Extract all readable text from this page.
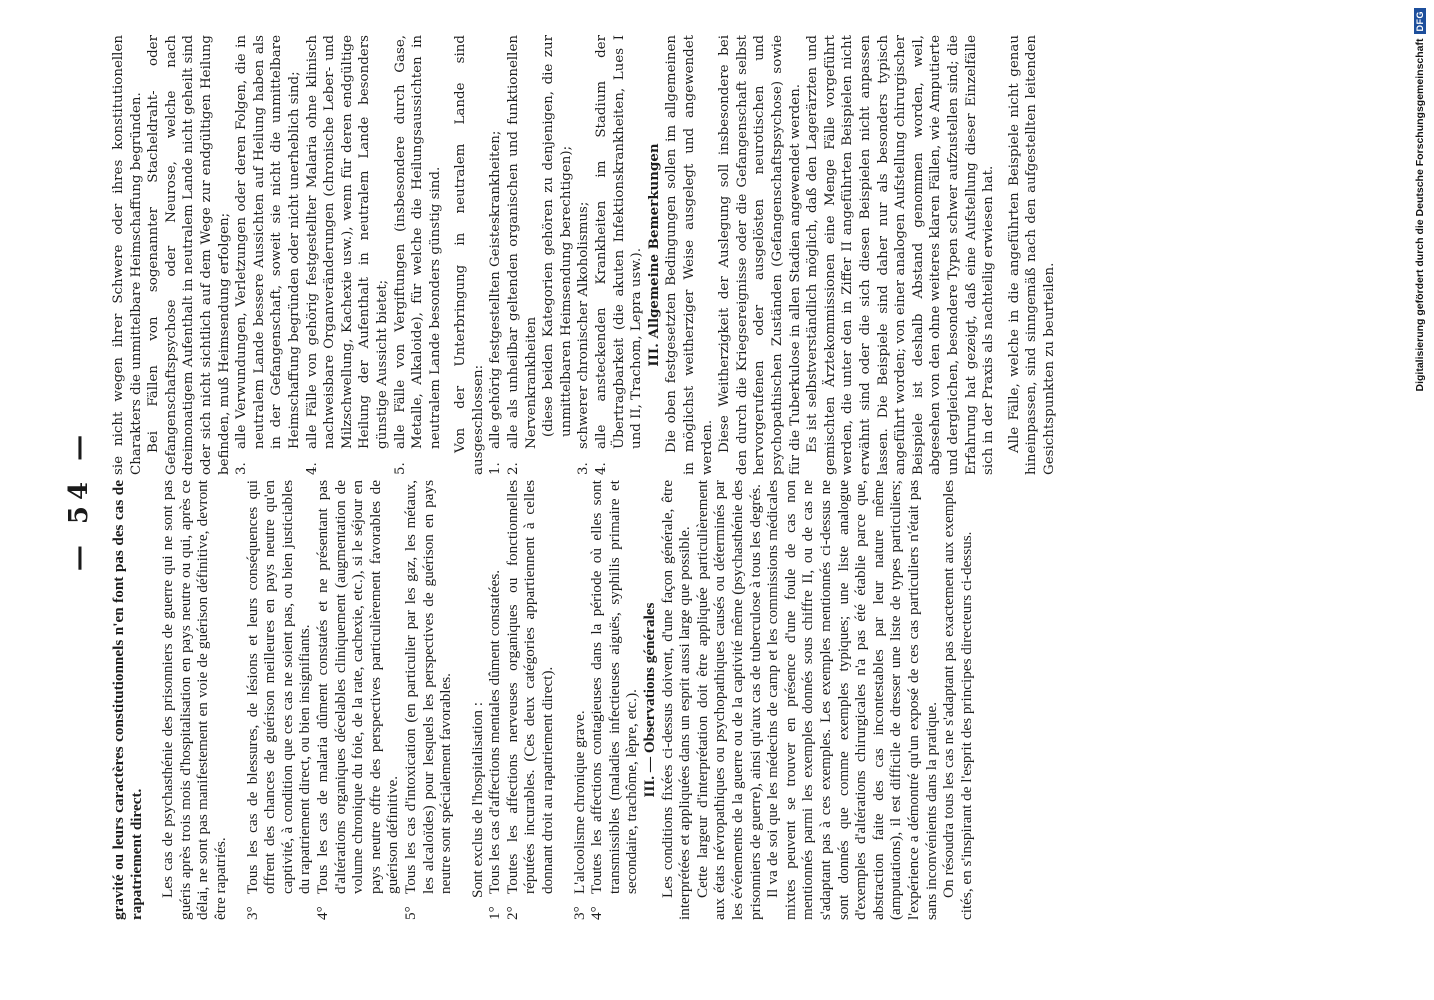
— 54 — gravité ou leurs caractères constitutionnels n'en font pas des cas de rapatriement direct. Les cas de psychasthénie des prisonniers de guerre qui ne sont pas guéris après trois mois d'hospitalisation en pays neutre ou qui, après ce délai, ne sont pas manifestement en voie de guérison définitive, devront être rapatriés. 3°
Tous les cas de blessures, de lésions et leurs conséquences qui offrent des chances de guérison meilleures en pays neutre qu'en captivité, à condition que ces cas ne soient pas, ou bien justiciables du rapatriement direct, ou bien insignifiants.
4°
Tous les cas de malaria dûment constatés et ne présentant pas d'altérations organiques décelables cliniquement (augmentation de volume chronique du foie, de la rate, cachexie, etc.), si le séjour en pays neutre offre des perspectives particulièrement favorables de guérison définitive.
5°
Tous les cas d'intoxication (en particulier par les gaz, les métaux, les alcaloïdes) pour lesquels les perspectives de guérison en pays neutre sont spécialement favorables. Sont exclus de l'hospitalisation :

1°
Tous les cas d'affections mentales dûment constatées.
2°
Toutes les affections nerveuses organiques ou fonctionnelles réputées incurables. (Ces deux catégories appartiennent à celles donnant droit au rapatriement direct).
3°
L'alcoolisme chronique grave.
4°
Toutes les affections contagieuses dans la période où elles sont transmissibles (maladies infectieuses aiguës, syphilis primaire et secondaire, trachôme, lèpre, etc.). III. — Observations générales Les conditions fixées ci-dessus doivent, d'une façon générale, être interprétées et appliquées dans un esprit aussi large que possible. Cette largeur d'interprétation doit être appliquée particulièrement aux états névropathiques ou psychopathiques causés ou déterminés par les événements de la guerre ou de la captivité même (psychasthénie des prisonniers de guerre), ainsi qu'aux cas de tuberculose à tous les degrés. Il va de soi que les médecins de camp et les commissions médicales mixtes peuvent se trouver en présence d'une foule de cas non mentionnés parmi les exemples donnés sous chiffre II, ou de cas ne s'adaptant pas à ces exemples. Les exemples mentionnés ci-dessus ne sont donnés que comme exemples typiques; une liste analogue d'exemples d'altérations chirurgicales n'a pas été établie parce que, abstraction faite des cas incontestables par leur nature même (amputations), il est difficile de dresser une liste de types particuliers; l'expérience a démontré qu'un exposé de ces cas particuliers n'était pas sans inconvénients dans la pratique. On résoudra tous les cas ne s'adaptant pas exactement aux exemples cités, en s'inspirant de l'esprit des principes directeurs ci-dessus.

sie nicht wegen ihrer Schwere oder ihres konstitutionellen Charakters die unmittelbare Heimschaffung begründen. Bei Fällen von sogenannter Stacheldraht- oder Gefangenschaftspsychose oder Neurose, welche nach dreimonatigem Aufenthalt in neutralem Lande nicht geheilt sind oder sich nicht sichtlich auf dem Wege zur endgültigen Heilung befinden, muß Heimsendung erfolgen; 3.
alle Verwundungen, Verletzungen oder deren Folgen, die in neutralem Lande bessere Aussichten auf Heilung haben als in der Gefangenschaft, soweit sie nicht die unmittelbare Heimschaffung begründen oder nicht unerheblich sind;
4.
alle Fälle von gehörig festgestellter Malaria ohne klinisch nachweisbare Organveränderungen (chronische Leber- und Milzschwellung, Kachexie usw.), wenn für deren endgültige Heilung der Aufenthalt in neutralem Lande besonders günstige Aussicht bietet;
5.
alle Fälle von Vergiftungen (insbesondere durch Gase, Metalle, Alkaloide), für welche die Heilungsaussichten in neutralem Lande besonders günstig sind. Von der Unterbringung in neutralem Lande sind ausgeschlossen: 1.
alle gehörig festgestellten Geisteskrankheiten;
2.
alle als unheilbar geltenden organischen und funktionellen Nervenkrankheiten (diese beiden Kategorien gehören zu denjenigen, die zur unmittelbaren Heimsendung berechtigen);

3.
schwerer chronischer Alkoholismus;
4.
alle ansteckenden Krankheiten im Stadium der Übertragbarkeit (die akuten Infektionskrankheiten, Lues I und II, Trachom, Lepra usw.). III. Allgemeine Bemerkungen Die oben festgesetzten Bedingungen sollen im allgemeinen in möglichst weitherziger Weise ausgelegt und angewendet werden. Diese Weitherzigkeit der Auslegung soll insbesondere bei den durch die Kriegsereignisse oder die Gefangenschaft selbst hervorgerufenen oder ausgelösten neurotischen und psychopathischen Zuständen (Gefangenschaftspsychose) sowie für die Tuberkulose in allen Stadien angewendet werden. Es ist selbstverständlich möglich, daß den Lagerärzten und gemischten Ärztekommissionen eine Menge Fälle vorgeführt werden, die unter den in Ziffer II angeführten Beispielen nicht erwähnt sind oder die sich diesen Beispielen nicht anpassen lassen. Die Beispiele sind daher nur als besonders typisch angeführt worden; von einer analogen Aufstellung chirurgischer Beispiele ist deshalb Abstand genommen worden, weil, abgesehen von den ohne weiteres klaren Fällen, wie Amputierte und dergleichen, besondere Typen schwer aufzustellen sind; die Erfahrung hat gezeigt, daß eine Aufstellung dieser Einzelfälle sich in der Praxis als nachteilig erwiesen hat. Alle Fälle, welche in die angeführten Beispiele nicht genau hineinpassen, sind sinngemäß nach den aufgestellten leitenden Gesichtspunkten zu beurteilen.	Digitalisierung gefördert durch die Deutsche Forschungsgemeinschaft
DFG
